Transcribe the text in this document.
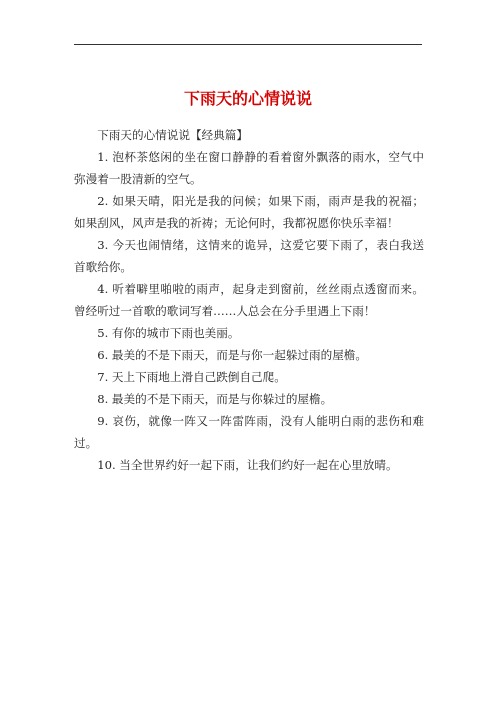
下雨天的心情说说

下雨天的心情说说【经典篇】

1. 泡杯茶悠闲的坐在窗口静静的看着窗外飘落的雨水，空气中弥漫着一股清新的空气。

2. 如果天晴，阳光是我的问候；如果下雨，雨声是我的祝福；如果刮风，风声是我的祈祷；无论何时，我都祝愿你快乐幸福！

3. 今天也闹情绪，这情来的诡异，这爱它要下雨了，表白我送首歌给你。

4. 听着噼里啪啦的雨声，起身走到窗前，丝丝雨点透窗而来。曾经听过一首歌的歌词写着……人总会在分手里遇上下雨！

5. 有你的城市下雨也美丽。

6. 最美的不是下雨天，而是与你一起躲过雨的屋檐。

7. 天上下雨地上滑自己跌倒自己爬。

8. 最美的不是下雨天，而是与你躲过的屋檐。

9. 哀伤，就像一阵又一阵雷阵雨，没有人能明白雨的悲伤和难过。

10. 当全世界约好一起下雨，让我们约好一起在心里放晴。
